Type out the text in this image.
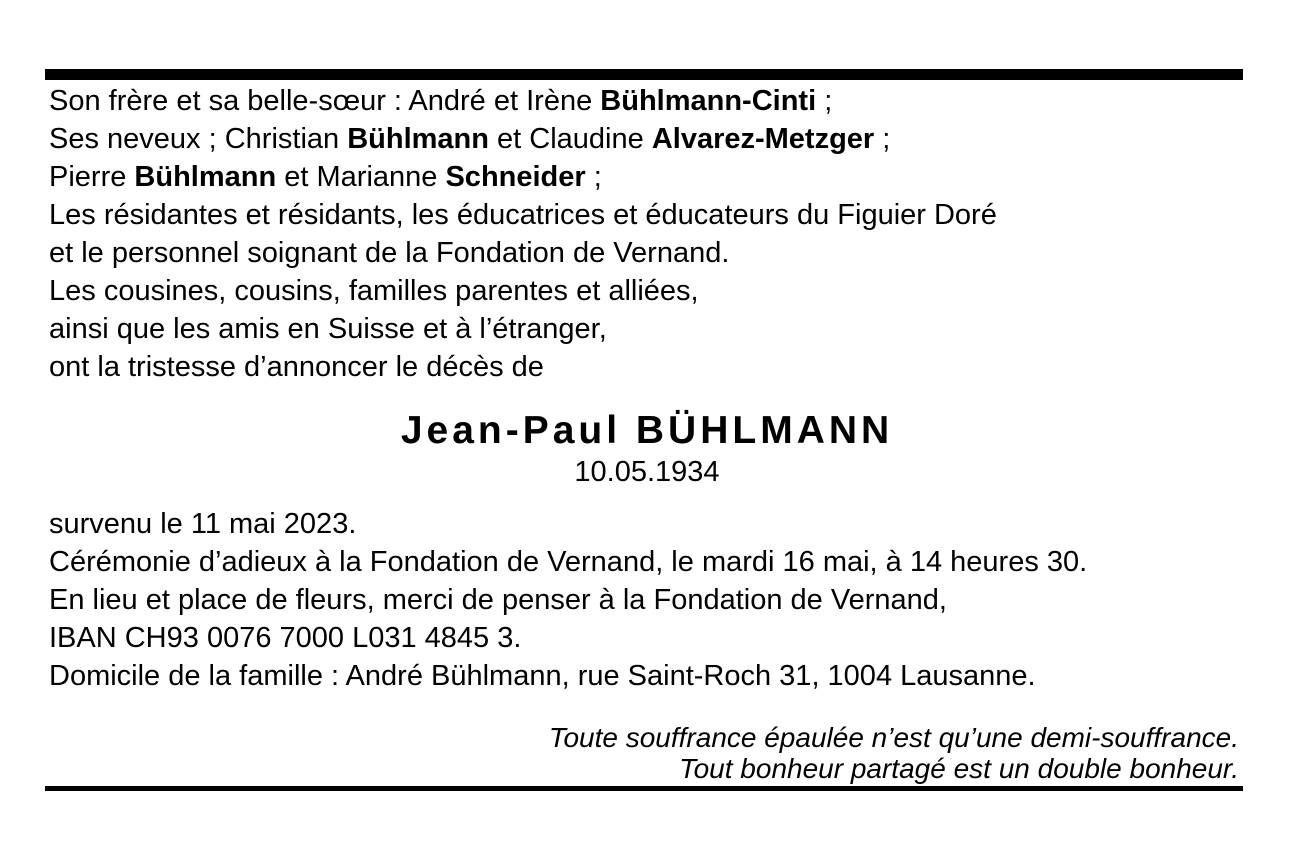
Son frère et sa belle-sœur : André et Irène Bühlmann-Cinti ;
Ses neveux ; Christian Bühlmann et Claudine Alvarez-Metzger ;
Pierre Bühlmann et Marianne Schneider ;
Les résidantes et résidants, les éducatrices et éducateurs du Figuier Doré
et le personnel soignant de la Fondation de Vernand.
Les cousines, cousins, familles parentes et alliées,
ainsi que les amis en Suisse et à l’étranger,
ont la tristesse d’annoncer le décès de
Jean-Paul BÜHLMANN
10.05.1934
survenu le 11 mai 2023.
Cérémonie d’adieux à la Fondation de Vernand, le mardi 16 mai, à 14 heures 30.
En lieu et place de fleurs, merci de penser à la Fondation de Vernand,
IBAN CH93 0076 7000 L031 4845 3.
Domicile de la famille : André Bühlmann, rue Saint-Roch 31, 1004 Lausanne.
Toute souffrance épaulée n’est qu’une demi-souffrance.
Tout bonheur partagé est un double bonheur.
